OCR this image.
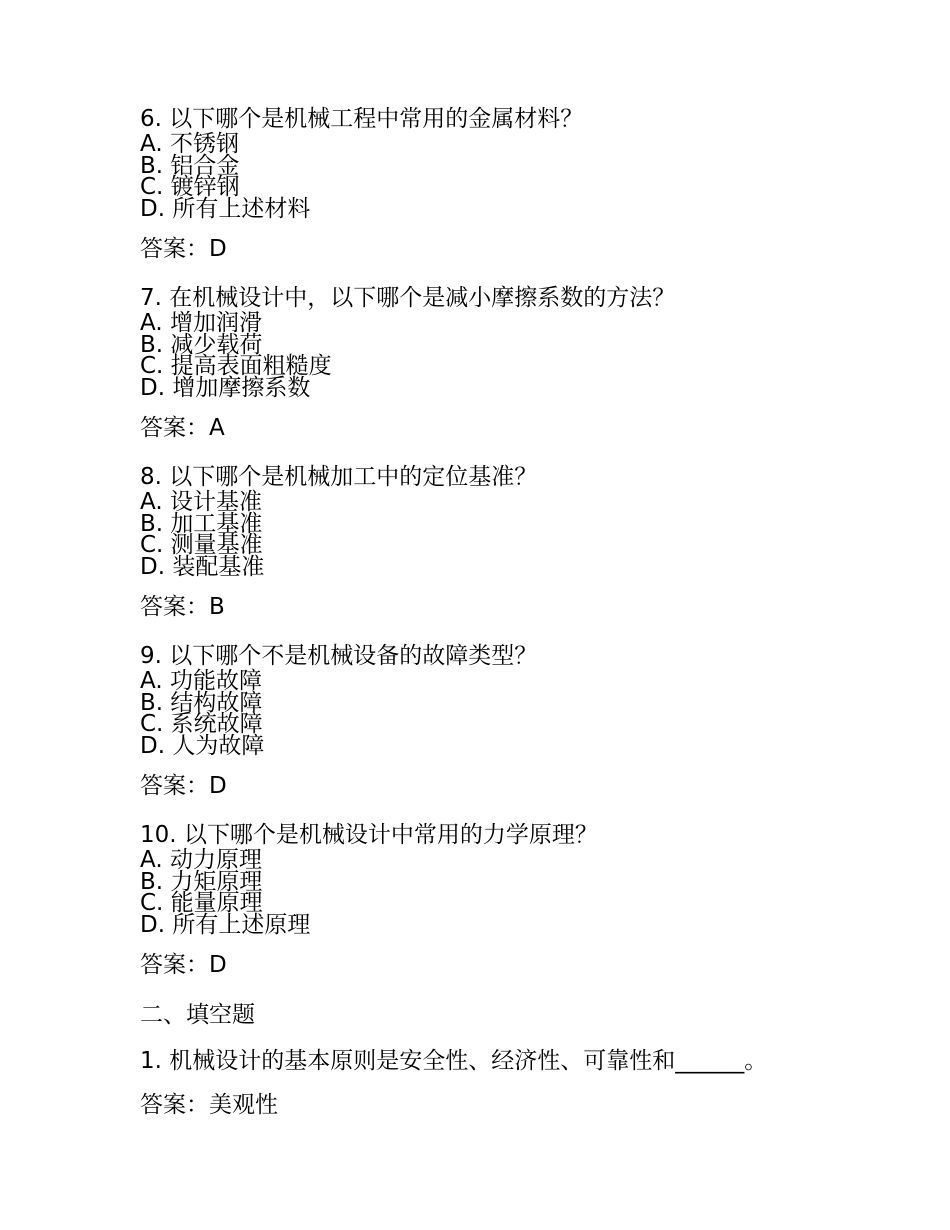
6. 以下哪个是机械工程中常用的金属材料？
A. 不锈钢
B. 铝合金
C. 镀锌钢
D. 所有上述材料
答案：D
7. 在机械设计中，以下哪个是减小摩擦系数的方法？
A. 增加润滑
B. 减少载荷
C. 提高表面粗糙度
D. 增加摩擦系数
答案：A
8. 以下哪个是机械加工中的定位基准？
A. 设计基准
B. 加工基准
C. 测量基准
D. 装配基准
答案：B
9. 以下哪个不是机械设备的故障类型？
A. 功能故障
B. 结构故障
C. 系统故障
D. 人为故障
答案：D
10. 以下哪个是机械设计中常用的力学原理？
A. 动力原理
B. 力矩原理
C. 能量原理
D. 所有上述原理
答案：D
二、填空题
1. 机械设计的基本原则是安全性、经济性、可靠性和______。
答案：美观性
